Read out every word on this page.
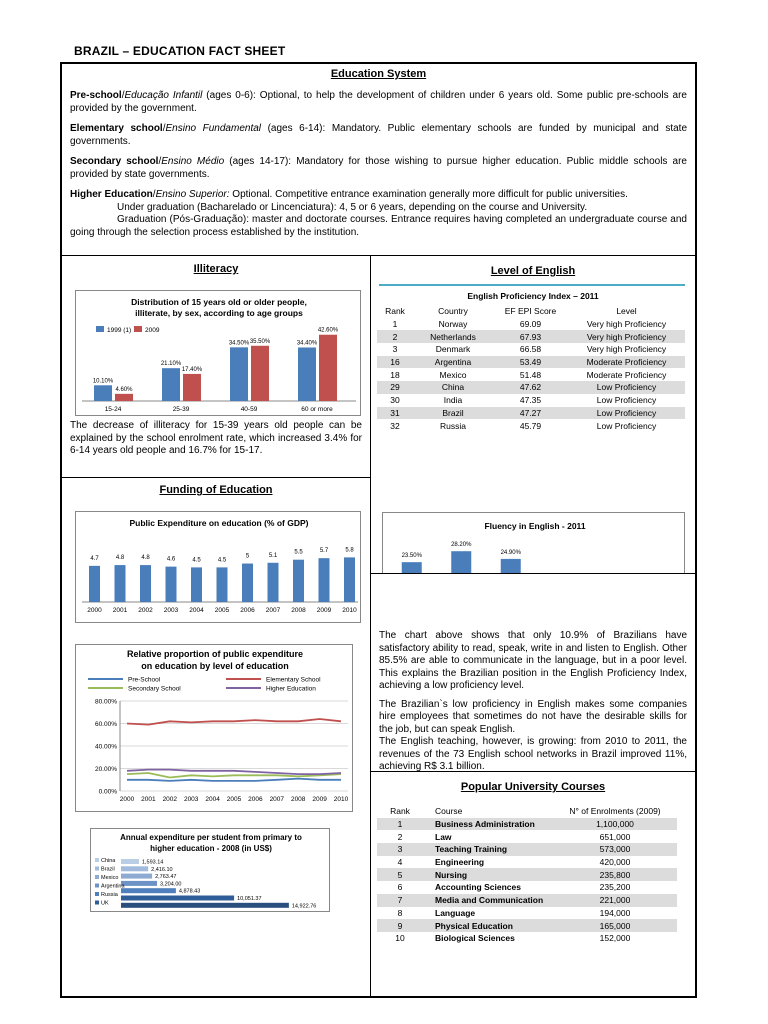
BRAZIL – EDUCATION FACT SHEET
Education System

Pre-school/Educação Infantil (ages 0-6): Optional, to help the development of children under 6 years old. Some public pre-schools are provided by the government.

Elementary school/Ensino Fundamental (ages 6-14): Mandatory. Public elementary schools are funded by municipal and state governments.

Secondary school/Ensino Médio (ages 14-17): Mandatory for those wishing to pursue higher education. Public middle schools are provided by state governments.

Higher Education/Ensino Superior: Optional. Competitive entrance examination generally more difficult for public universities.

Under graduation (Bacharelado or Lincenciatura): 4, 5 or 6 years, depending on the course and University.

Graduation (Pós-Graduação): master and doctorate courses. Entrance requires having completed an undergraduate course and going through the selection process established by the institution.

Illiteracy
Distribution of 15 years old or older people,
illiterate, by sex, according to age groups
1999 (1) 2009
10.10%
4.60%
15-24
21.10%
17.40%
25-39
34.50% 35.50%
40-59
34.40%
42.60%
60 or more

The decrease of illiteracy for 15-39 years old people can be explained by the school enrolment rate, which increased 3.4% for 6-14 years old people and 16.7% for 15-17.

Level of English
English Proficiency Index – 2011
Rank	Country	EF EPI Score	Level
1	Norway	69.09	Very high Proficiency
2	Netherlands	67.93	Very high Proficiency
3	Denmark	66.58	Very high Proficiency
16	Argentina	53.49	Moderate Proficiency
18	Mexico	51.48	Moderate Proficiency
29	China	47.62	Low Proficiency
30	India	47.35	Low Proficiency
31	Brazil	47.27	Low Proficiency
32	Russia	45.79	Low Proficiency
Fluency in English - 2011
23.50%
28.20%
24.90%
Funding of Education
Public Expenditure on education (% of GDP)
4.7
2000
4.8
2001
4.8
2002
4.6
2003
4.5
2004
4.5
2005
5
2006
5.1
2007
5.5
2008
5.7
2009
5.8
2010
Relative proportion of public expenditure
on education by level of education
Pre-School	Elementary School
Secondary School	Higher Education
0.00%
20.00%
40.00%
60.00%
80.00%
2000 2001 2002 2003 2004 2005 2006 2007 2008 2009 2010
Annual expenditure per student from primary to
higher education - 2008 (in US$)
1,593.14
2,416.10
2,763.47
3,204.00
4,878.43
10,051.37
14,922.76
China
Brazil
Mexico
Argentina
Russia
UK

The chart above shows that only 10.9% of Brazilians have satisfactory ability to read, speak, write in and listen to English. Other 85.5% are able to communicate in the language, but in a poor level. This explains the Brazilian position in the English Proficiency Index, achieving a low proficiency level.

The Brazilian`s low proficiency in English makes some companies hire employees that sometimes do not have the desirable skills for the job, but can speak English.

The English teaching, however, is growing: from 2010 to 2011, the revenues of the 73 English school networks in Brazil improved 11%, achieving R$ 3.1 billion.

Popular University Courses
Rank	Course	N° of Enrolments (2009)
1	Business Administration	1,100,000
2	Law	651,000
3	Teaching Training	573,000
4	Engineering	420,000
5	Nursing	235,800
6	Accounting Sciences	235,200
7	Media and Communication	221,000
8	Language	194,000
9	Physical Education	165,000
10	Biological Sciences	152,000
